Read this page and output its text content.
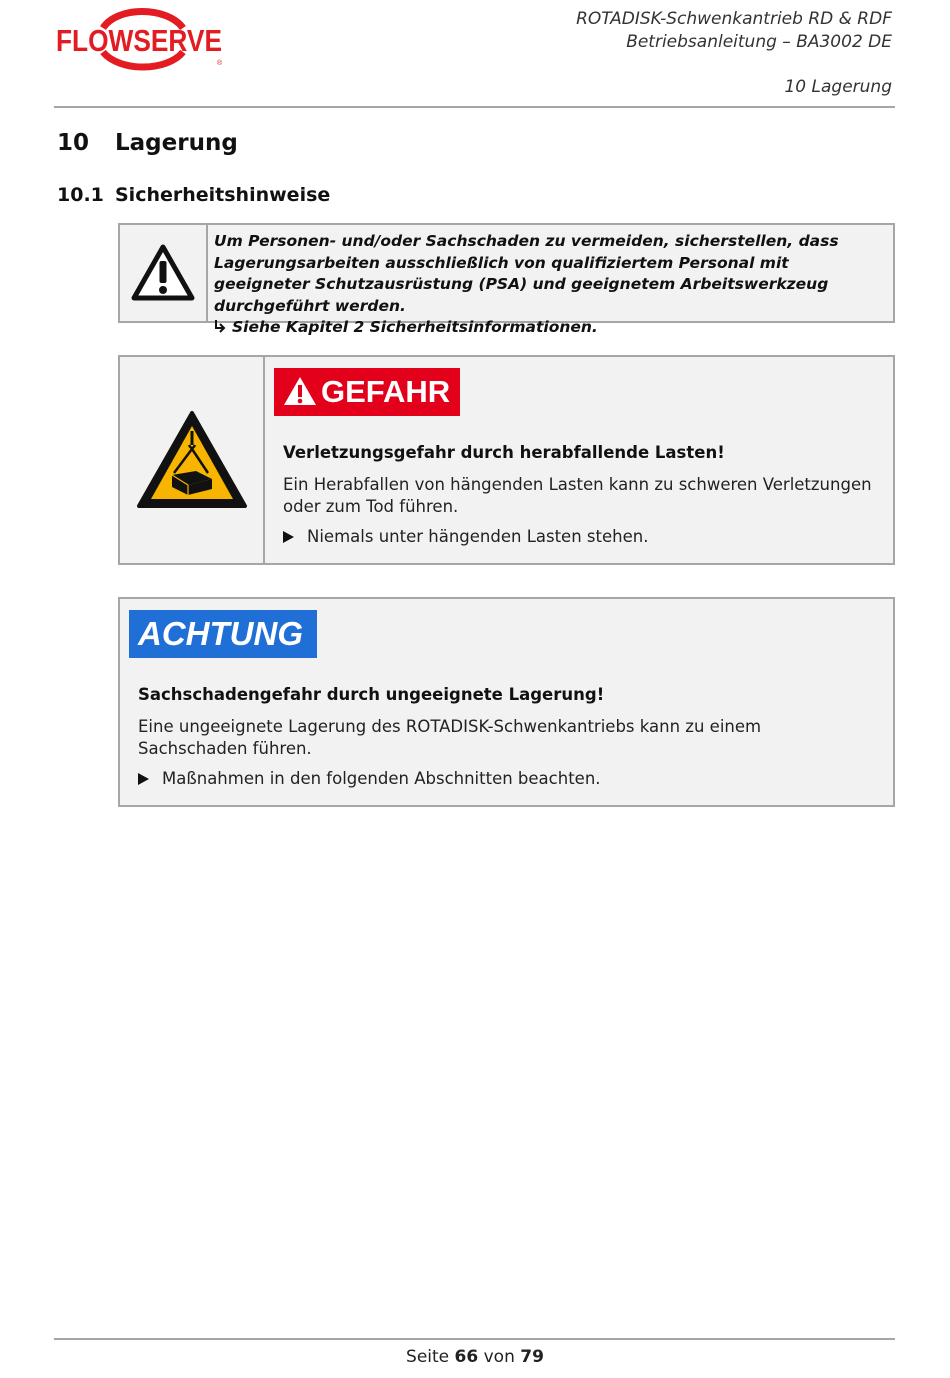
FLOWSERVE
®
ROTADISK-Schwenkantrieb RD & RDF
Betriebsanleitung – BA3002 DE
10 Lagerung
10 Lagerung
10.1 Sicherheitshinweise
Um Personen- und/oder Sachschaden zu vermeiden, sicherstellen, dass Lagerungsarbeiten ausschließlich von qualifiziertem Personal mit geeigneter Schutzausrüstung (PSA) und geeignetem Arbeitswerkzeug durchgeführt werden.
Siehe Kapitel 2 Sicherheitsinformationen.
GEFAHR
Verletzungsgefahr durch herabfallende Lasten!
Ein Herabfallen von hängenden Lasten kann zu schweren Verletzungen oder zum Tod führen.
Niemals unter hängenden Lasten stehen.
ACHTUNG
Sachschadengefahr durch ungeeignete Lagerung!
Eine ungeeignete Lagerung des ROTADISK-Schwenkantriebs kann zu einem Sachschaden führen.
Maßnahmen in den folgenden Abschnitten beachten.
Seite 66 von 79
